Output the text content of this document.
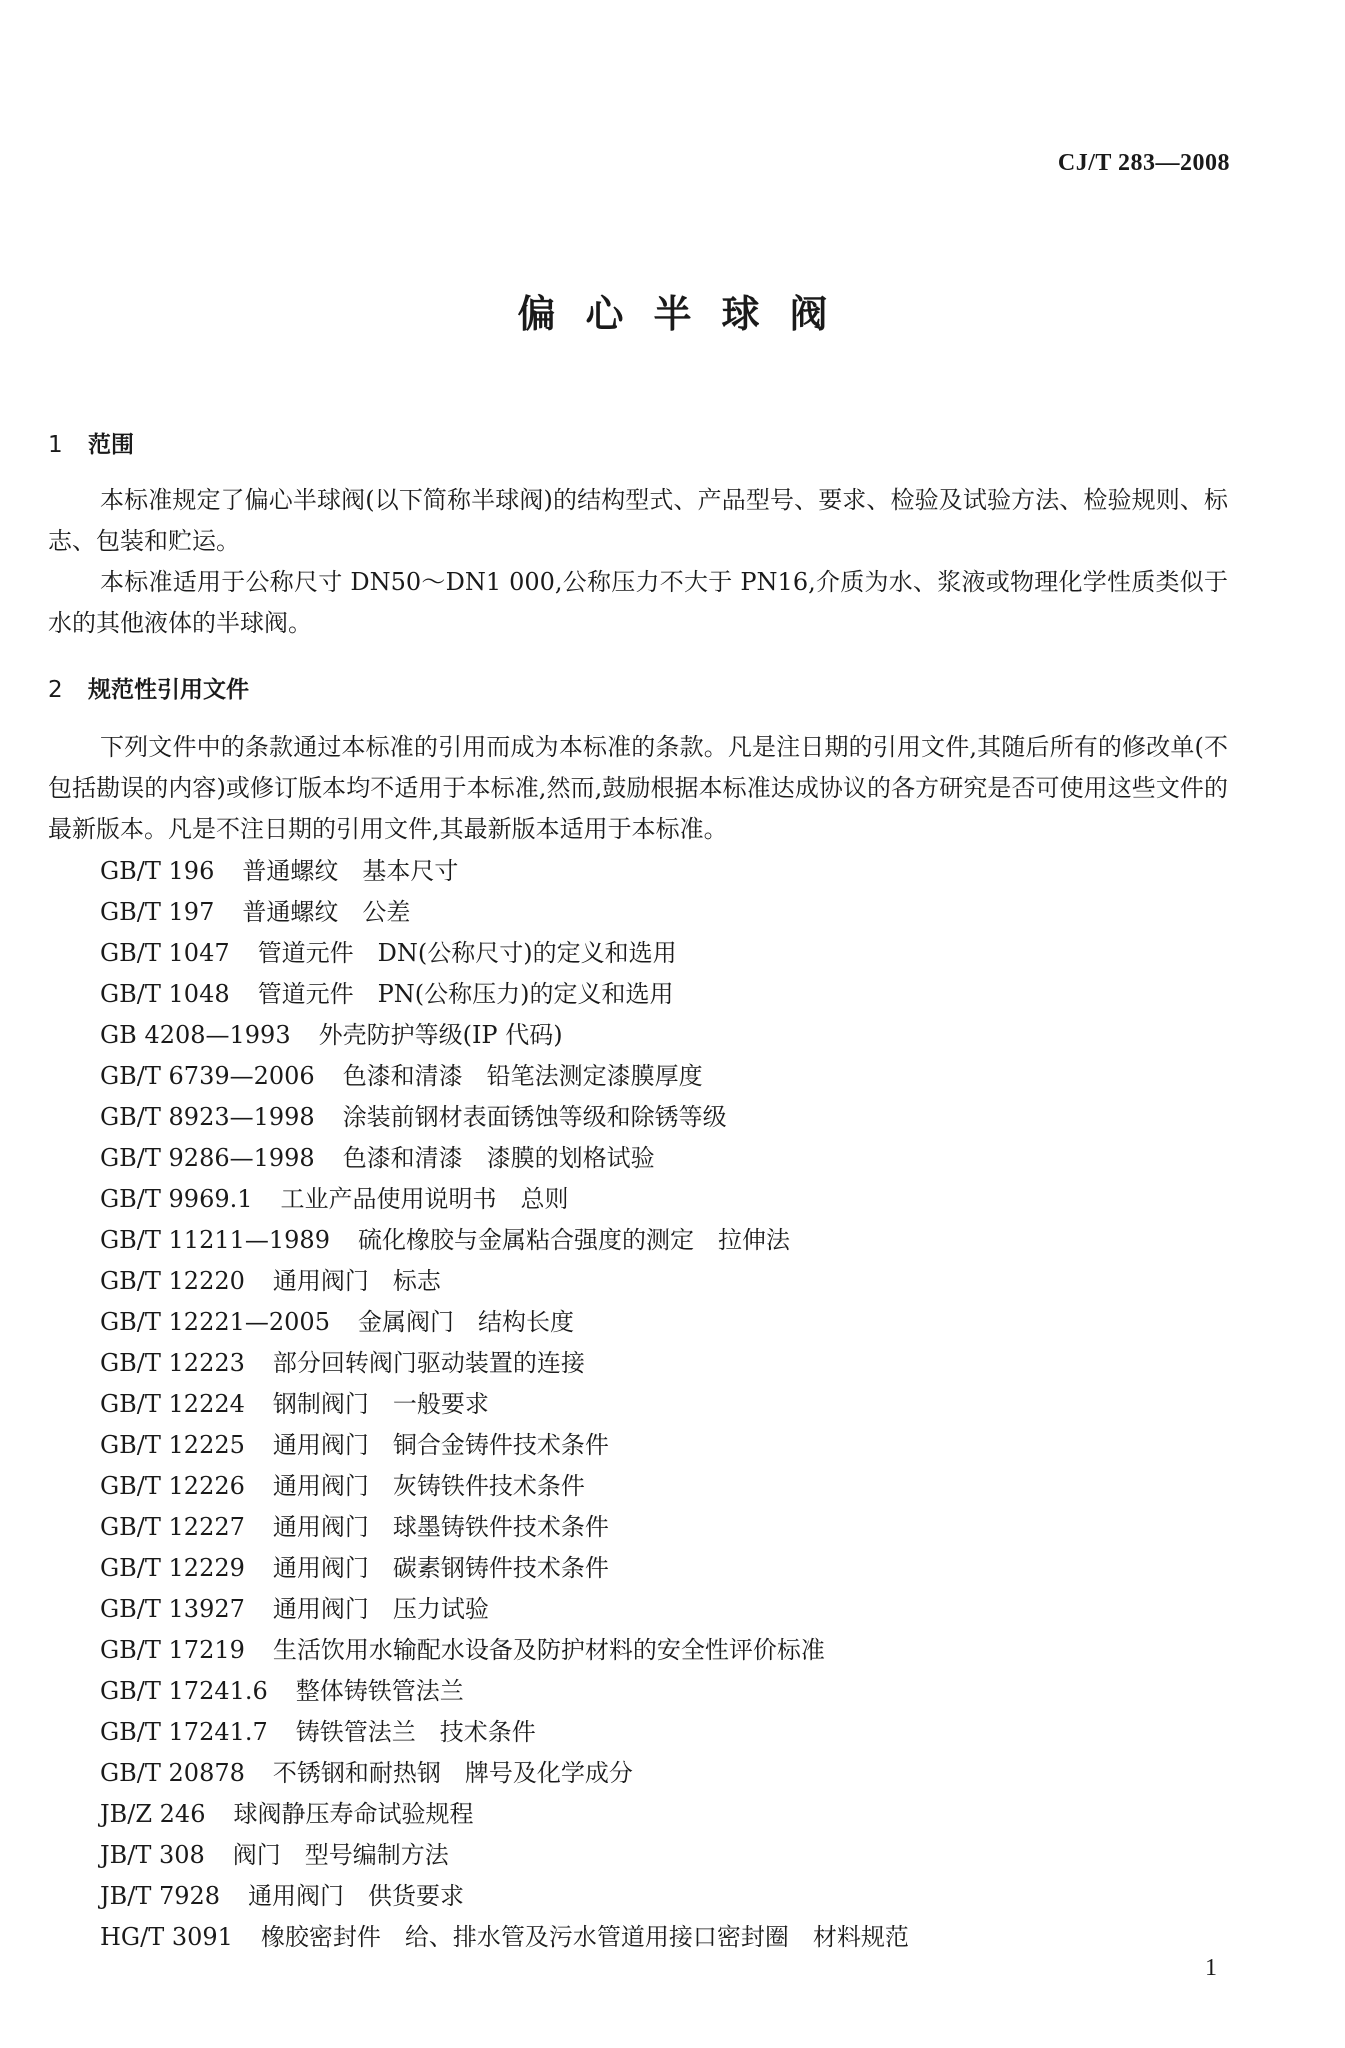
CJ/T 283—2008
偏心半球阀
1 范围

本标准规定了偏心半球阀(以下简称半球阀)的结构型式、产品型号、要求、检验及试验方法、检验规则、标志、包装和贮运。

本标准适用于公称尺寸 DN50～DN1 000,公称压力不大于 PN16,介质为水、浆液或物理化学性质类似于水的其他液体的半球阀。

2 规范性引用文件

下列文件中的条款通过本标准的引用而成为本标准的条款。凡是注日期的引用文件,其随后所有的修改单(不包括勘误的内容)或修订版本均不适用于本标准,然而,鼓励根据本标准达成协议的各方研究是否可使用这些文件的最新版本。凡是不注日期的引用文件,其最新版本适用于本标准。

GB/T 196 普通螺纹　基本尺寸
GB/T 197 普通螺纹　公差
GB/T 1047 管道元件　DN(公称尺寸)的定义和选用
GB/T 1048 管道元件　PN(公称压力)的定义和选用
GB 4208—1993 外壳防护等级(IP 代码)
GB/T 6739—2006 色漆和清漆　铅笔法测定漆膜厚度
GB/T 8923—1998 涂装前钢材表面锈蚀等级和除锈等级
GB/T 9286—1998 色漆和清漆　漆膜的划格试验
GB/T 9969.1 工业产品使用说明书　总则
GB/T 11211—1989 硫化橡胶与金属粘合强度的测定　拉伸法
GB/T 12220 通用阀门　标志
GB/T 12221—2005 金属阀门　结构长度
GB/T 12223 部分回转阀门驱动装置的连接
GB/T 12224 钢制阀门　一般要求
GB/T 12225 通用阀门　铜合金铸件技术条件
GB/T 12226 通用阀门　灰铸铁件技术条件
GB/T 12227 通用阀门　球墨铸铁件技术条件
GB/T 12229 通用阀门　碳素钢铸件技术条件
GB/T 13927 通用阀门　压力试验
GB/T 17219 生活饮用水输配水设备及防护材料的安全性评价标准
GB/T 17241.6 整体铸铁管法兰
GB/T 17241.7 铸铁管法兰　技术条件
GB/T 20878 不锈钢和耐热钢　牌号及化学成分
JB/Z 246 球阀静压寿命试验规程
JB/T 308 阀门　型号编制方法
JB/T 7928 通用阀门　供货要求
HG/T 3091 橡胶密封件　给、排水管及污水管道用接口密封圈　材料规范
1
